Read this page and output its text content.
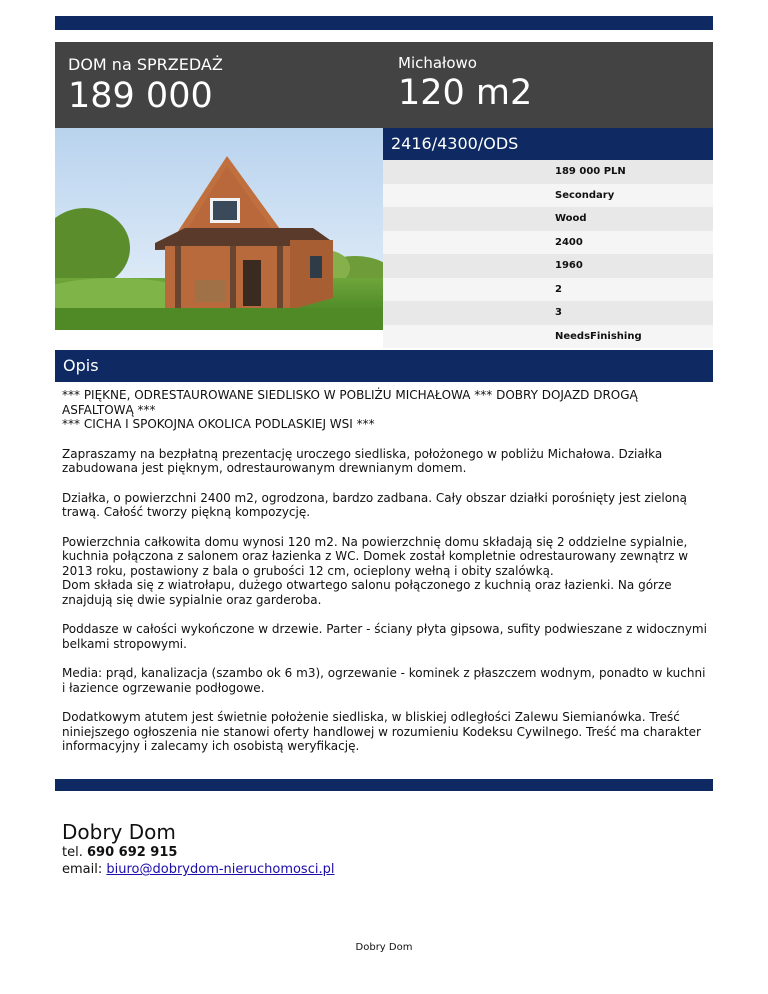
DOM na SPRZEDAŻ
189 000
Michałowo
120 m2
2416/4300/ODS
189 000 PLN
Secondary
Wood
2400
1960
2
3
NeedsFinishing
Opis

*** PIĘKNE, ODRESTAUROWANE SIEDLISKO W POBLIŻU MICHAŁOWA *** DOBRY DOJAZD DROGĄ ASFALTOWĄ ***
*** CICHA I SPOKOJNA OKOLICA PODLASKIEJ WSI ***

Zapraszamy na bezpłatną prezentację uroczego siedliska, położonego w pobliżu Michałowa. Działka zabudowana jest pięknym, odrestaurowanym drewnianym domem.

Działka, o powierzchni 2400 m2, ogrodzona, bardzo zadbana. Cały obszar działki porośnięty jest zieloną trawą. Całość tworzy piękną kompozycję.

Powierzchnia całkowita domu wynosi 120 m2. Na powierzchnię domu składają się 2 oddzielne sypialnie, kuchnia połączona z salonem oraz łazienka z WC. Domek został kompletnie odrestaurowany zewnątrz w 2013 roku, postawiony z bala o grubości 12 cm, ocieplony wełną i obity szalówką.
Dom składa się z wiatrołapu, dużego otwartego salonu połączonego z kuchnią oraz łazienki. Na górze znajdują się dwie sypialnie oraz garderoba.

Poddasze w całości wykończone w drzewie. Parter - ściany płyta gipsowa, sufity podwieszane z widocznymi belkami stropowymi.

Media: prąd, kanalizacja (szambo ok 6 m3), ogrzewanie - kominek z płaszczem wodnym, ponadto w kuchni i łazience ogrzewanie podłogowe.

Dodatkowym atutem jest świetnie położenie siedliska, w bliskiej odległości Zalewu Siemianówka. Treść niniejszego ogłoszenia nie stanowi oferty handlowej w rozumieniu Kodeksu Cywilnego. Treść ma charakter informacyjny i zalecamy ich osobistą weryfikację.

Dobry Dom
tel. 690 692 915
email: biuro@dobrydom-nieruchomosci.pl
Dobry Dom
